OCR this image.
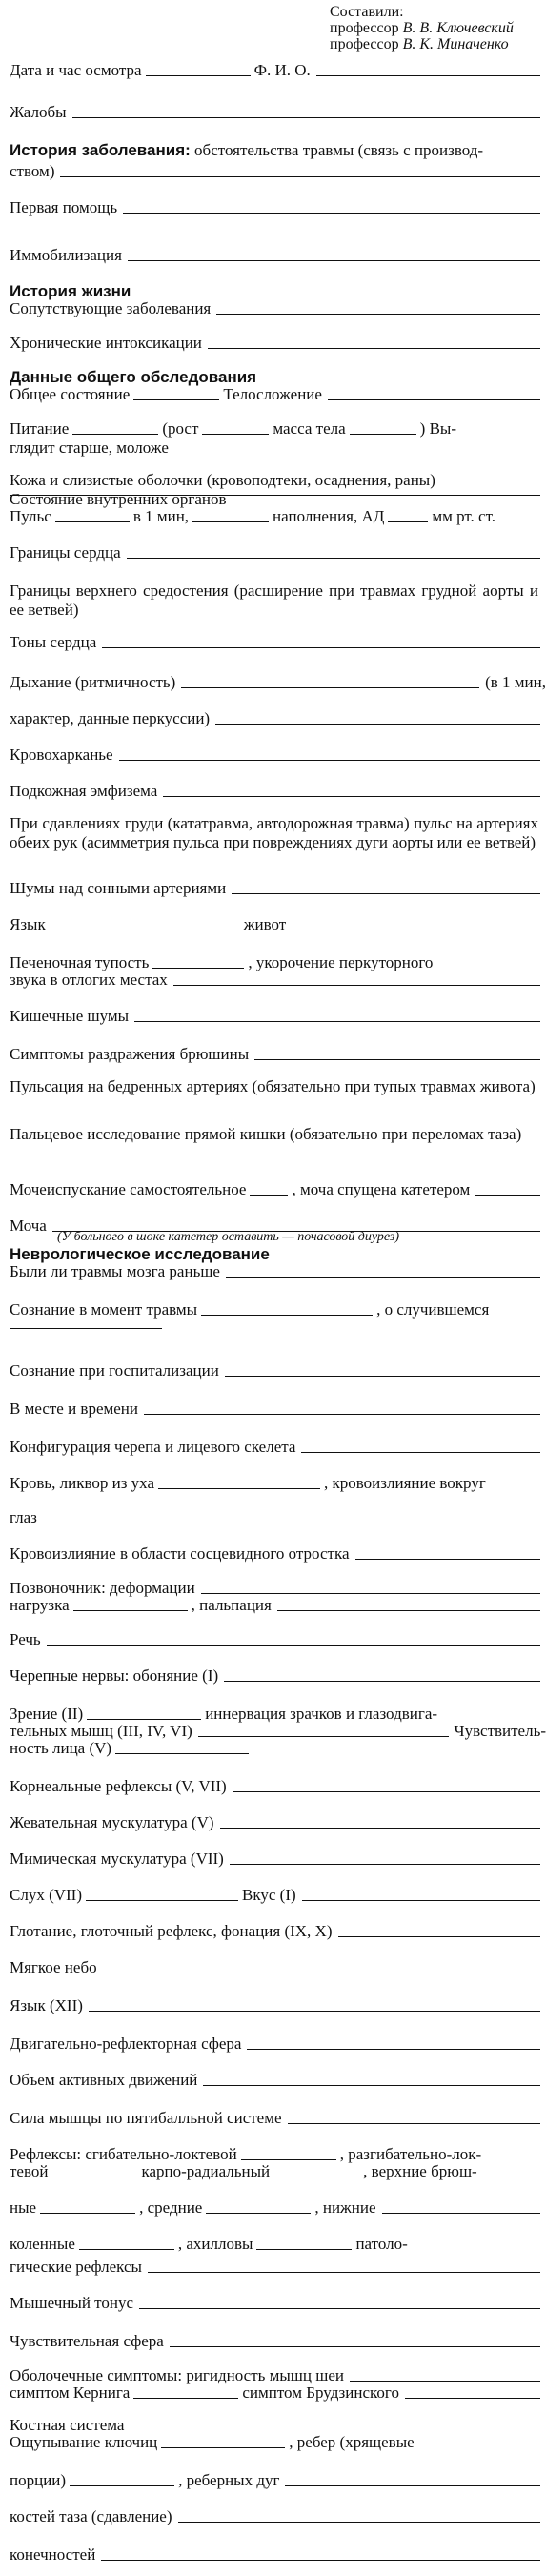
Составили:
профессор В. В. Ключевский
профессор В. К. Миначенко
Дата и час осмотра	Ф. И. О.
Жалобы
История заболевания: обстоятельства травмы (связь с производ-
ством)
Первая помощь
Иммобилизация
История жизни
Сопутствующие заболевания
Хронические интоксикации
Данные общего обследования
Общее состояние	Телосложение
Питание	(рост	масса тела	) Вы-
глядит старше, моложе
Кожа и слизистые оболочки (кровоподтеки, осаднения, раны)
Состояние внутренних органов
Пульс	в 1 мин,	наполнения, АД	мм рт. ст.
Границы сердца
Границы верхнего средостения (расширение при травмах грудной аорты и ее ветвей)
Тоны сердца
Дыхание (ритмичность)	(в 1 мин,
характер, данные перкуссии)
Кровохарканье
Подкожная эмфизема
При сдавлениях груди (кататравма, автодорожная травма) пульс на артериях обеих рук (асимметрия пульса при повреждениях дуги аорты или ее ветвей)
Шумы над сонными артериями
Язык	живот
Печеночная тупость	, укорочение перкуторного
звука в отлогих местах
Кишечные шумы
Симптомы раздражения брюшины
Пульсация на бедренных артериях (обязательно при тупых травмах живота)
Пальцевое исследование прямой кишки (обязательно при переломах таза)
Мочеиспускание самостоятельное	, моча спущена катетером
Моча
(У больного в шоке катетер оставить — почасовой диурез)
Неврологическое исследование
Были ли травмы мозга раньше
Сознание в момент травмы	, о случившемся
Сознание при госпитализации
В месте и времени
Конфигурация черепа и лицевого скелета
Кровь, ликвор из уха	, кровоизлияние вокруг
глаз
Кровоизлияние в области сосцевидного отростка
Позвоночник: деформации
нагрузка	, пальпация
Речь
Черепные нервы: обоняние (I)
Зрение (II)	иннервация зрачков и глазодвига-
тельных мышц (III, IV, VI)	Чувствитель-
ность лица (V)
Корнеальные рефлексы (V, VII)
Жевательная мускулатура (V)
Мимическая мускулатура (VII)
Слух (VII)	Вкус (I)
Глотание, глоточный рефлекс, фонация (IX, X)
Мягкое небо
Язык (XII)
Двигательно-рефлекторная сфера
Объем активных движений
Сила мышцы по пятибалльной системе
Рефлексы: сгибательно-локтевой	, разгибательно-лок-
тевой	карпо-радиальный	, верхние брюш-
ные	, средние	, нижние
коленные	, ахилловы	патоло-
гические рефлексы
Мышечный тонус
Чувствительная сфера
Оболочечные симптомы: ригидность мышц шеи
симптом Кернига	симптом Брудзинского
Костная система
Ощупывание ключиц	, ребер (хрящевые
порции)	, реберных дуг
костей таза (сдавление)
конечностей
